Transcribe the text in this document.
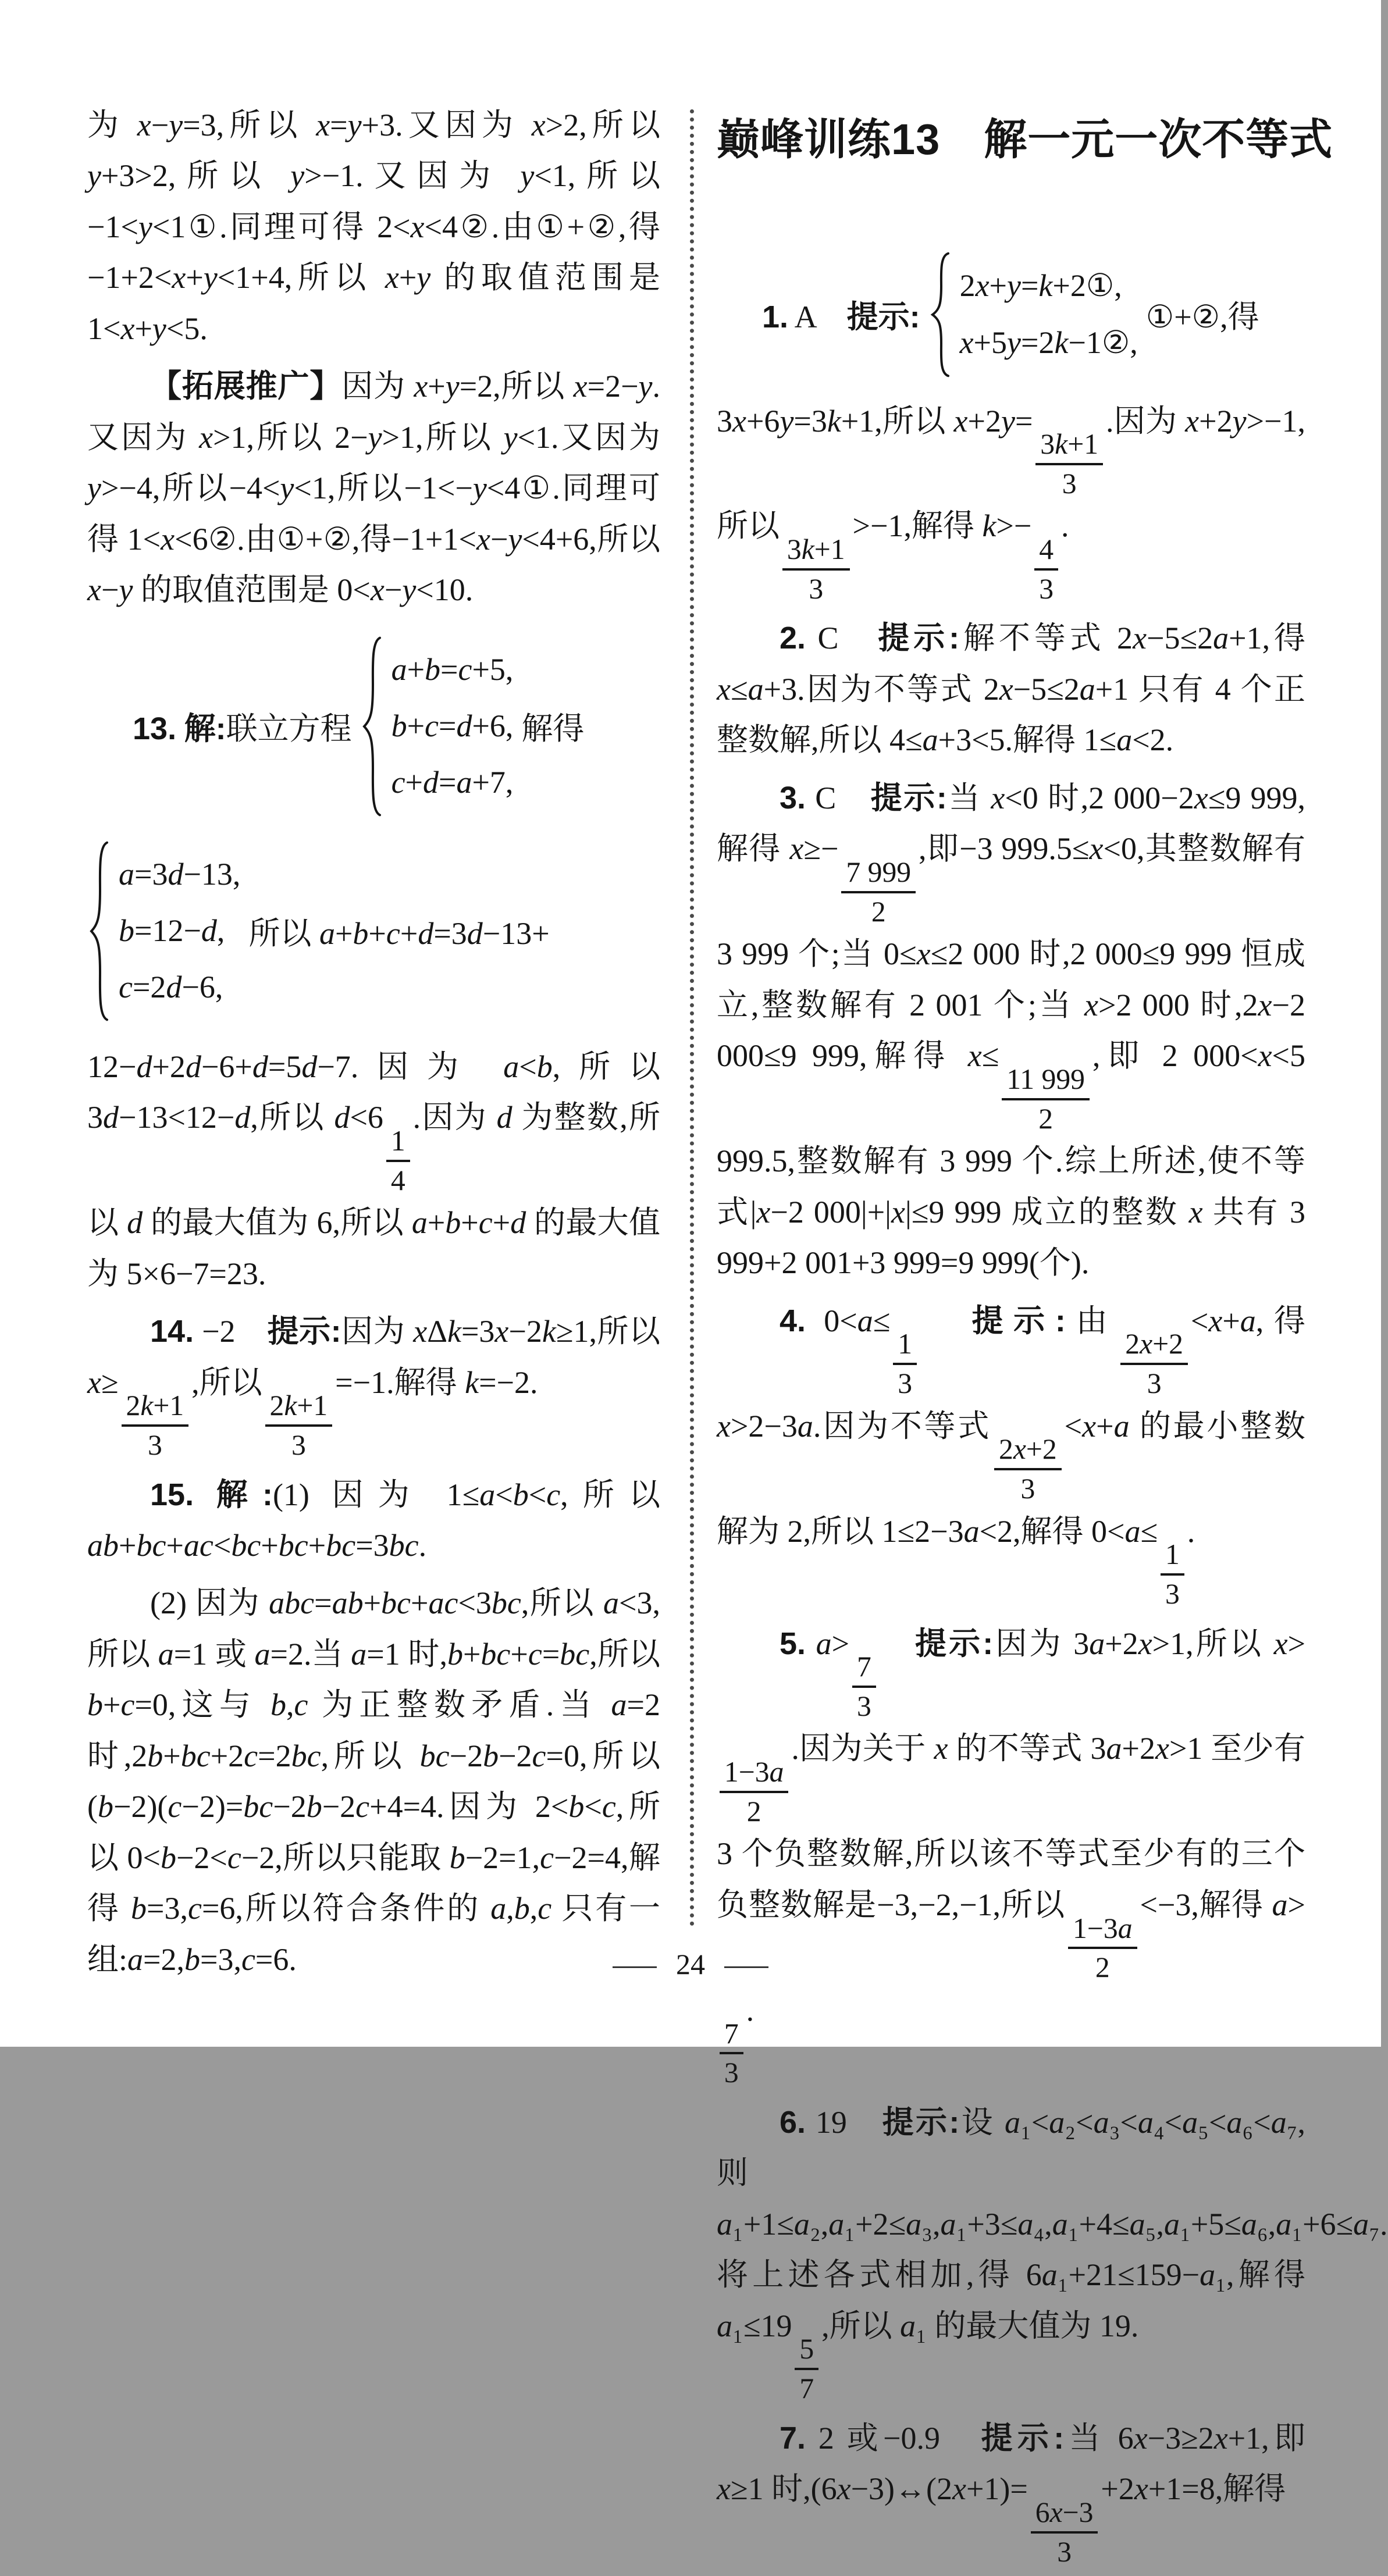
为 x−y=3,所以 x=y+3.又因为 x>2,所以 y+3>2,所以 y>−1.又因为 y<1,所以−1<y<1①.同理可得 2<x<4②.由①+②,得−1+2<x+y<1+4,所以 x+y 的取值范围是 1<x+y<5.
【拓展推广】因为 x+y=2,所以 x=2−y.又因为 x>1,所以 2−y>1,所以 y<1.又因为 y>−4,所以−4<y<1,所以−1<−y<4①.同理可得 1<x<6②.由①+②,得−1+1<x−y<4+6,所以 x−y 的取值范围是 0<x−y<10.
13. 解:联立方程
a+b=c+5,
b+c=d+6,
c+d=a+7,
解得
a=3d−13,
b=12−d,
c=2d−6,
所以 a+b+c+d=3d−13+
12−d+2d−6+d=5d−7.因为 a<b,所以 3d−13<12−d,所以 d<6
$\frac{1}{4}$
.因为 d 为整数,所以 d 的最大值为 6,所以 a+b+c+d 的最大值为 5×6−7=23.
14. −2　提示:因为 xΔk=3x−2k≥1,所以 x≥
$\frac{2k+1}{3}$
,所以
$\frac{2k+1}{3}$
=−1.解得 k=−2.
15. 解:(1) 因为 1≤a<b<c,所以 ab+bc+ac<bc+bc+bc=3bc.
(2) 因为 abc=ab+bc+ac<3bc,所以 a<3,所以 a=1 或 a=2.当 a=1 时,b+bc+c=bc,所以 b+c=0,这与 b,c 为正整数矛盾.当 a=2 时,2b+bc+2c=2bc,所以 bc−2b−2c=0,所以(b−2)(c−2)=bc−2b−2c+4=4.因为 2<b<c,所以 0<b−2<c−2,所以只能取 b−2=1,c−2=4,解得 b=3,c=6,所以符合条件的 a,b,c 只有一组:a=2,b=3,c=6.
巅峰训练13　解一元一次不等式
1. A　提示:
2x+y=k+2①,
x+5y=2k−1②,
①+②,得
3x+6y=3k+1,所以 x+2y=
$\frac{3k+1}{3}$
.因为 x+2y>−1,所以
$\frac{3k+1}{3}$
>−1,解得 k>−
$\frac{4}{3}$
.
2. C　提示:解不等式 2x−5≤2a+1,得 x≤a+3.因为不等式 2x−5≤2a+1 只有 4 个正整数解,所以 4≤a+3<5.解得 1≤a<2.
3. C　提示:当 x<0 时,2 000−2x≤9 999,解得 x≥−
$\frac{7 999}{2}$
,即−3 999.5≤x<0,其整数解有 3 999 个;当 0≤x≤2 000 时,2 000≤9 999 恒成立,整数解有 2 001 个;当 x>2 000 时,2x−2 000≤9 999,解得 x≤
$\frac{11 999}{2}$
,即 2 000<x<5 999.5,整数解有 3 999 个.综上所述,使不等式|x−2 000|+|x|≤9 999 成立的整数 x 共有 3 999+2 001+3 999=9 999(个).
4. 0<a≤
$\frac{1}{3}$
　提示:由
$\frac{2x+2}{3}$
<x+a,得 x>2−3a.因为不等式
$\frac{2x+2}{3}$
<x+a 的最小整数解为 2,所以 1≤2−3a<2,解得 0<a≤
$\frac{1}{3}$
.
5. a>
$\frac{7}{3}$
　提示:因为 3a+2x>1,所以 x>
$\frac{1-3a}{2}$
.因为关于 x 的不等式 3a+2x>1 至少有 3 个负整数解,所以该不等式至少有的三个负整数解是−3,−2,−1,所以
$\frac{1-3a}{2}$
<−3,解得 a>
$\frac{7}{3}$
.
6. 19　提示:设 a₁<a₂<a₃<a₄<a₅<a₆<a₇,则 a₁+1≤a₂,a₁+2≤a₃,a₁+3≤a₄,a₁+4≤a₅,a₁+5≤a₆,a₁+6≤a₇.将上述各式相加,得 6a₁+21≤159−a₁,解得 a₁≤19
$\frac{5}{7}$
,所以 a₁ 的最大值为 19.
7. 2 或−0.9　提示:当 6x−3≥2x+1,即 x≥1 时,(6x−3)↔(2x+1)=
$\frac{6x-3}{3}$
+2x+1=8,解得
— 24 —
